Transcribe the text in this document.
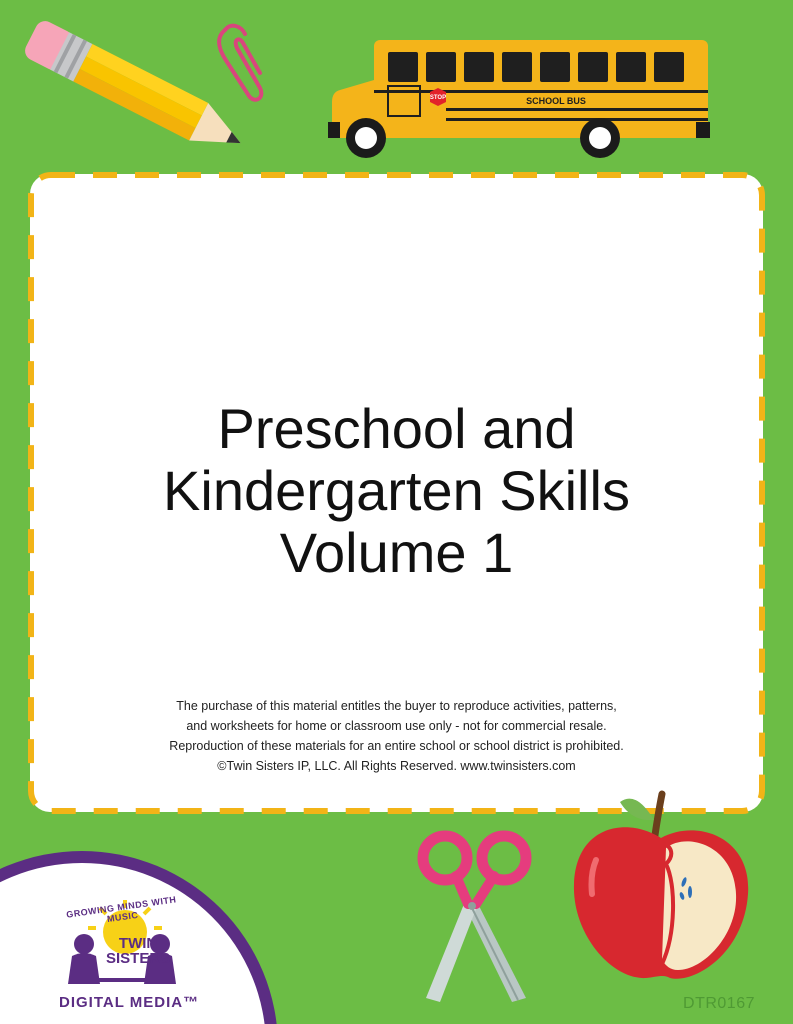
STOP	SCHOOL BUS
Preschool and
Kindergarten Skills
Volume 1
The purchase of this material entitles the buyer to reproduce activities, patterns,
and worksheets for home or classroom use only - not for commercial resale.
Reproduction of these materials for an entire school or school district is prohibited.
©Twin Sisters IP, LLC. All Rights Reserved. www.twinsisters.com
GROWING MINDS WITH MUSIC
TWIN
SISTERS
DIGITAL MEDIA™	DTR0167
